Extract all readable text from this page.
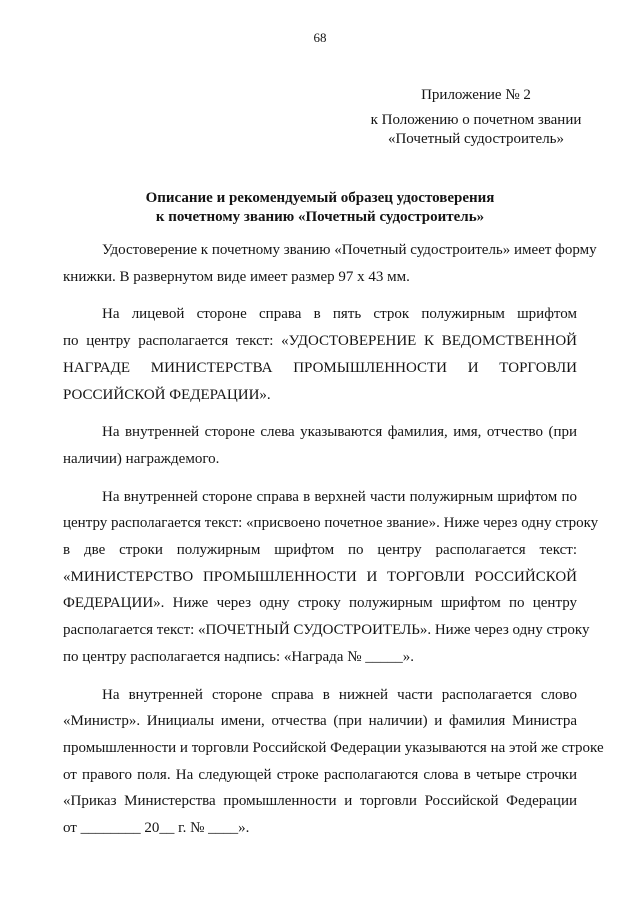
68
Приложение № 2
к Положению о почетном звании
«Почетный судостроитель»
Описание и рекомендуемый образец удостоверения
к почетному званию «Почетный судостроитель»
Удостоверение к почетному званию «Почетный судостроитель» имеет форму
книжки. В развернутом виде имеет размер 97 х 43 мм.
На лицевой стороне справа в пять строк полужирным шрифтом
по центру располагается текст: «УДОСТОВЕРЕНИЕ К ВЕДОМСТВЕННОЙ
НАГРАДЕ МИНИСТЕРСТВА ПРОМЫШЛЕННОСТИ И ТОРГОВЛИ
РОССИЙСКОЙ ФЕДЕРАЦИИ».
На внутренней стороне слева указываются фамилия, имя, отчество (при
наличии) награждемого.
На внутренней стороне справа в верхней части полужирным шрифтом по
центру располагается текст: «присвоено почетное звание». Ниже через одну строку
в две строки полужирным шрифтом по центру располагается текст:
«МИНИСТЕРСТВО ПРОМЫШЛЕННОСТИ И ТОРГОВЛИ РОССИЙСКОЙ
ФЕДЕРАЦИИ». Ниже через одну строку полужирным шрифтом по центру
располагается текст: «ПОЧЕТНЫЙ СУДОСТРОИТЕЛЬ». Ниже через одну строку
по центру располагается надпись: «Награда № _____».
На внутренней стороне справа в нижней части располагается слово
«Министр». Инициалы имени, отчества (при наличии) и фамилия Министра
промышленности и торговли Российской Федерации указываются на этой же строке
от правого поля. На следующей строке располагаются слова в четыре строчки
«Приказ Министерства промышленности и торговли Российской Федерации
от ________ 20__ г. № ____».
